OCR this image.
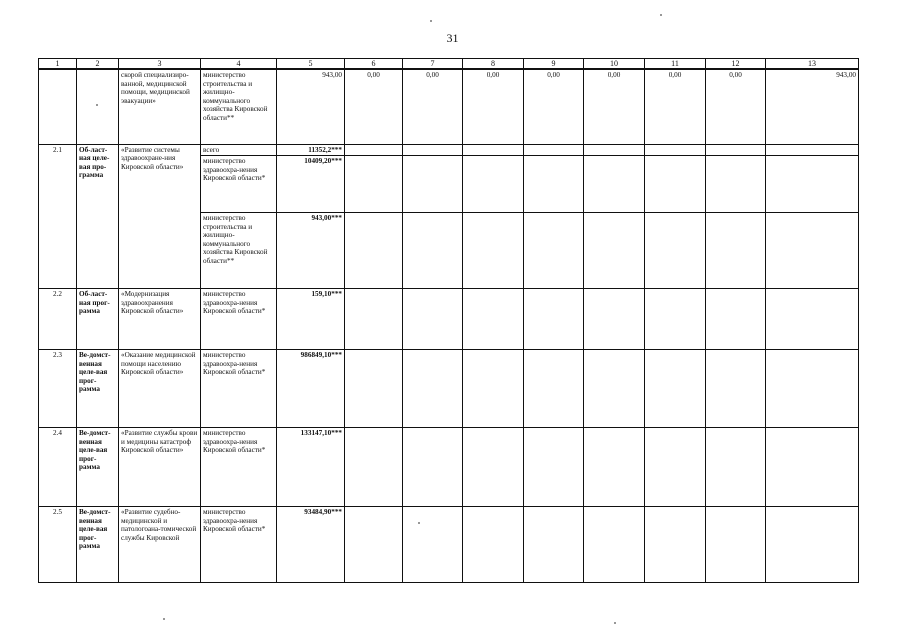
31
1	2	3	4	5	6	7	8	9	10	11	12	13
		скорой специализиро-ванной, медицинской помощи, медицинской эвакуации»	министерство строительства и жилищно-коммунального хозяйства Кировской области**	943,00	0,00	0,00	0,00	0,00	0,00	0,00	0,00	943,00
2.1	Об-ласт-ная целе-вая про-грамма	«Развитие системы здравоохране-ния Кировской области»	всего	11352,2***								
			министерство здравоохра-нения Кировской области*	10409,20***								
			министерство строительства и жилищно-коммунального хозяйства Кировской области**	943,00***								
2.2	Об-ласт-ная прог-рамма	«Модернизация здравоохранения Кировской области»	министерство здравоохра-нения Кировской области*	159,10***								
2.3	Ве-домст-венная целе-вая прог-рамма	«Оказание медицинской помощи населению Кировской области»	министерство здравоохра-нения Кировской области*	986849,10***								
2.4	Ве-домст-венная целе-вая прог-рамма	«Развитие службы крови и медицины катастроф Кировской области»	министерство здравоохра-нения Кировской области*	133147,10***								
2.5	Ве-домст-венная целе-вая прог-рамма	«Развитие судебно-медицинской и патологоана-томической службы Кировской	министерство здравоохра-нения Кировской области*	93484,90***								
